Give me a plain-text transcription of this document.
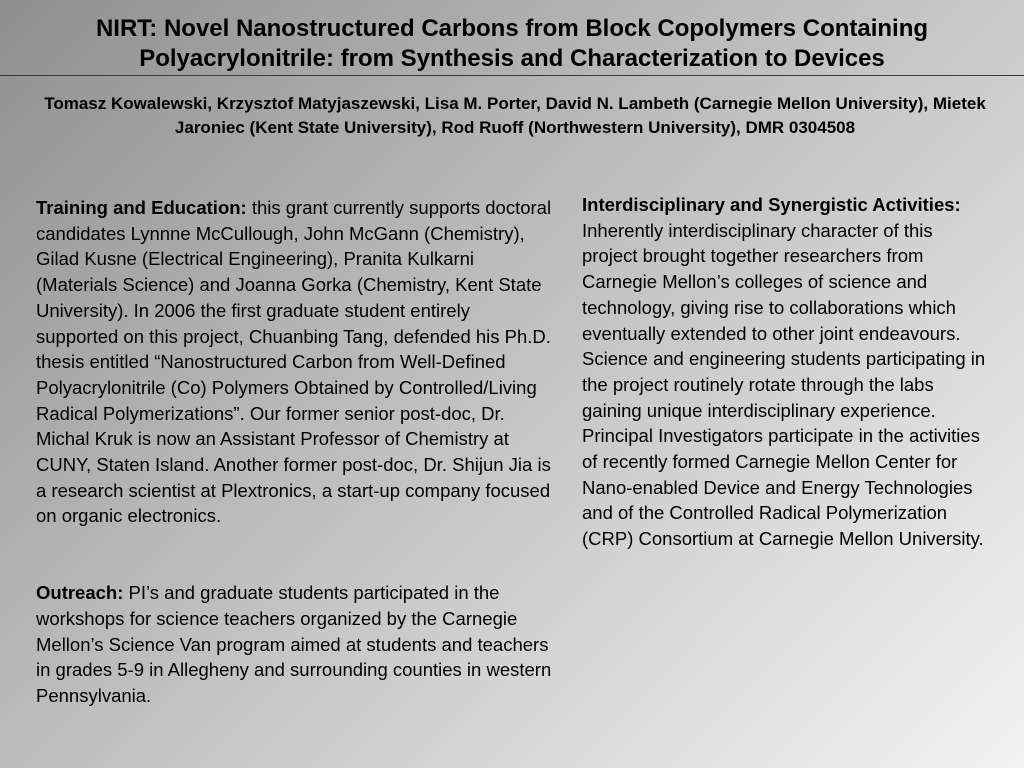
NIRT: Novel Nanostructured Carbons from Block Copolymers Containing Polyacrylonitrile: from Synthesis and Characterization to Devices
Tomasz Kowalewski, Krzysztof Matyjaszewski, Lisa M. Porter, David N. Lambeth (Carnegie Mellon University), Mietek Jaroniec (Kent State University), Rod Ruoff (Northwestern University), DMR 0304508

Training and Education: this grant currently supports doctoral candidates Lynnne McCullough, John McGann (Chemistry), Gilad Kusne (Electrical Engineering), Pranita Kulkarni (Materials Science) and Joanna Gorka (Chemistry, Kent State University). In 2006 the first graduate student entirely supported on this project, Chuanbing Tang, defended his Ph.D. thesis entitled “Nanostructured Carbon from Well-Defined Polyacrylonitrile (Co) Polymers Obtained by Controlled/Living Radical Polymerizations”. Our former senior post-doc, Dr. Michal Kruk is now an Assistant Professor of Chemistry at CUNY, Staten Island. Another former post-doc, Dr. Shijun Jia is a research scientist at Plextronics, a start-up company focused on organic electronics.

Outreach: PI’s and graduate students participated in the workshops for science teachers organized by the Carnegie Mellon’s Science Van program aimed at students and teachers in grades 5-9 in Allegheny and surrounding counties in western Pennsylvania.

Interdisciplinary and Synergistic Activities: Inherently interdisciplinary character of this project brought together researchers from Carnegie Mellon’s colleges of science and technology, giving rise to collaborations which eventually extended to other joint endeavours. Science and engineering students participating in the project routinely rotate through the labs gaining unique interdisciplinary experience. Principal Investigators participate in the activities of recently formed Carnegie Mellon Center for Nano-enabled Device and Energy Technologies and of the Controlled Radical Polymerization (CRP) Consortium at Carnegie Mellon University.
